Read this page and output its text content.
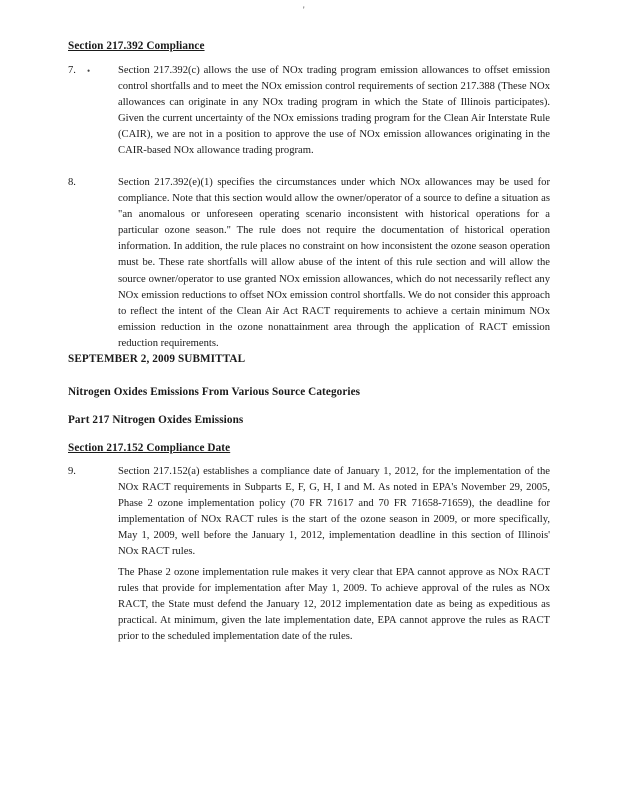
'
Section 217.392 Compliance
7. •	Section 217.392(c) allows the use of NOx trading program emission allowances to offset emission control shortfalls and to meet the NOx emission control requirements of section 217.388 (These NOx allowances can originate in any NOx trading program in which the State of Illinois participates). Given the current uncertainty of the NOx emissions trading program for the Clean Air Interstate Rule (CAIR), we are not in a position to approve the use of NOx emission allowances originating in the CAIR-based NOx allowance trading program.
8.	Section 217.392(e)(1) specifies the circumstances under which NOx allowances may be used for compliance. Note that this section would allow the owner/operator of a source to define a situation as "an anomalous or unforeseen operating scenario inconsistent with historical operations for a particular ozone season." The rule does not require the documentation of historical operation information. In addition, the rule places no constraint on how inconsistent the ozone season operation must be. These rate shortfalls will allow abuse of the intent of this rule section and will allow the source owner/operator to use granted NOx emission allowances, which do not necessarily reflect any NOx emission reductions to offset NOx emission control shortfalls. We do not consider this approach to reflect the intent of the Clean Air Act RACT requirements to achieve a certain minimum NOx emission reduction in the ozone nonattainment area through the application of RACT emission reduction requirements.
SEPTEMBER 2, 2009 SUBMITTAL
Nitrogen Oxides Emissions From Various Source Categories
Part 217 Nitrogen Oxides Emissions
Section 217.152 Compliance Date
9.	Section 217.152(a) establishes a compliance date of January 1, 2012, for the implementation of the NOx RACT requirements in Subparts E, F, G, H, I and M. As noted in EPA's November 29, 2005, Phase 2 ozone implementation policy (70 FR 71617 and 70 FR 71658-71659), the deadline for implementation of NOx RACT rules is the start of the ozone season in 2009, or more specifically, May 1, 2009, well before the January 1, 2012, implementation deadline in this section of Illinois' NOx RACT rules.
The Phase 2 ozone implementation rule makes it very clear that EPA cannot approve as NOx RACT rules that provide for implementation after May 1, 2009. To achieve approval of the rules as NOx RACT, the State must defend the January 12, 2012 implementation date as being as expeditious as practical. At minimum, given the late implementation date, EPA cannot approve the rules as RACT prior to the scheduled implementation date of the rules.
